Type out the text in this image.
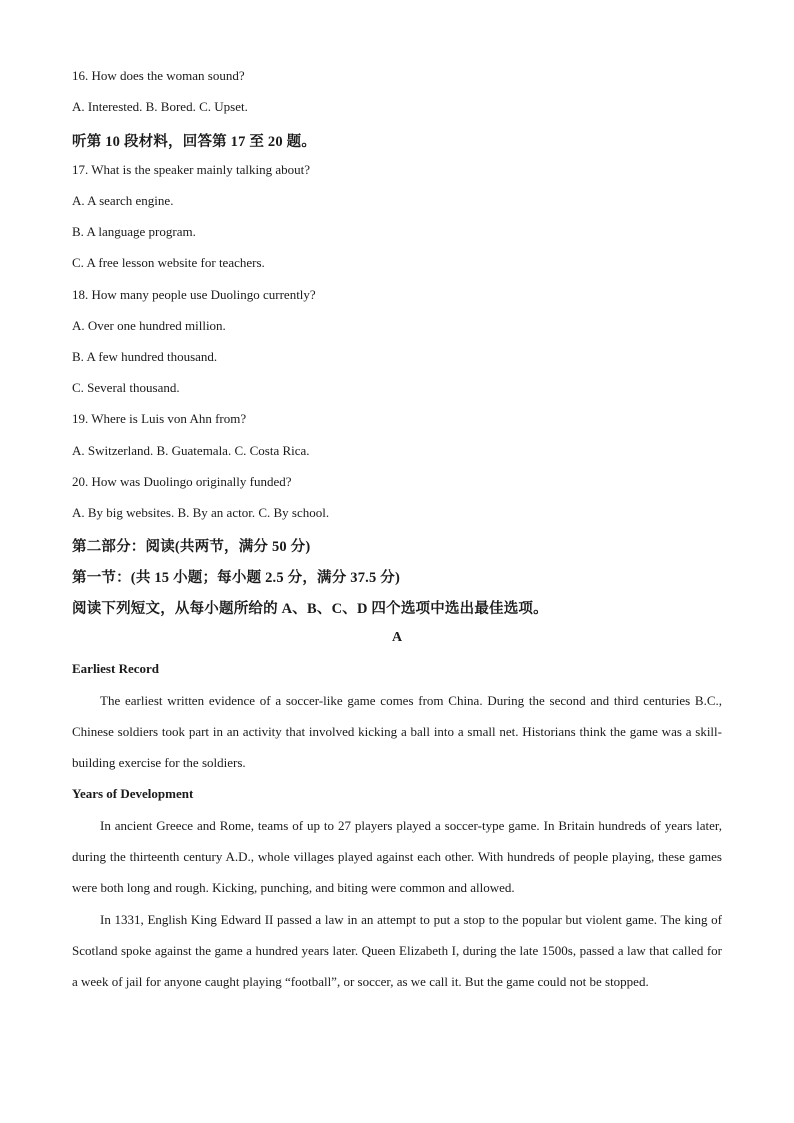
16. How does the woman sound?
A. Interested. B. Bored. C. Upset.
听第 10 段材料，回答第 17 至 20 题。
17. What is the speaker mainly talking about?
A. A search engine.
B. A language program.
C. A free lesson website for teachers.
18. How many people use Duolingo currently?
A. Over one hundred million.
B. A few hundred thousand.
C. Several thousand.
19. Where is Luis von Ahn from?
A. Switzerland. B. Guatemala. C. Costa Rica.
20. How was Duolingo originally funded?
A. By big websites. B. By an actor. C. By school.
第二部分：阅读(共两节，满分 50 分)
第一节：(共 15 小题；每小题 2.5 分，满分 37.5 分)
阅读下列短文，从每小题所给的 A、B、C、D 四个选项中选出最佳选项。
A
Earliest Record
The earliest written evidence of a soccer-like game comes from China. During the second and third centuries B.C., Chinese soldiers took part in an activity that involved kicking a ball into a small net. Historians think the game was a skill-building exercise for the soldiers.
Years of Development
In ancient Greece and Rome, teams of up to 27 players played a soccer-type game. In Britain hundreds of years later, during the thirteenth century A.D., whole villages played against each other. With hundreds of people playing, these games were both long and rough. Kicking, punching, and biting were common and allowed.
In 1331, English King Edward II passed a law in an attempt to put a stop to the popular but violent game. The king of Scotland spoke against the game a hundred years later. Queen Elizabeth I, during the late 1500s, passed a law that called for a week of jail for anyone caught playing “football”, or soccer, as we call it. But the game could not be stopped.
